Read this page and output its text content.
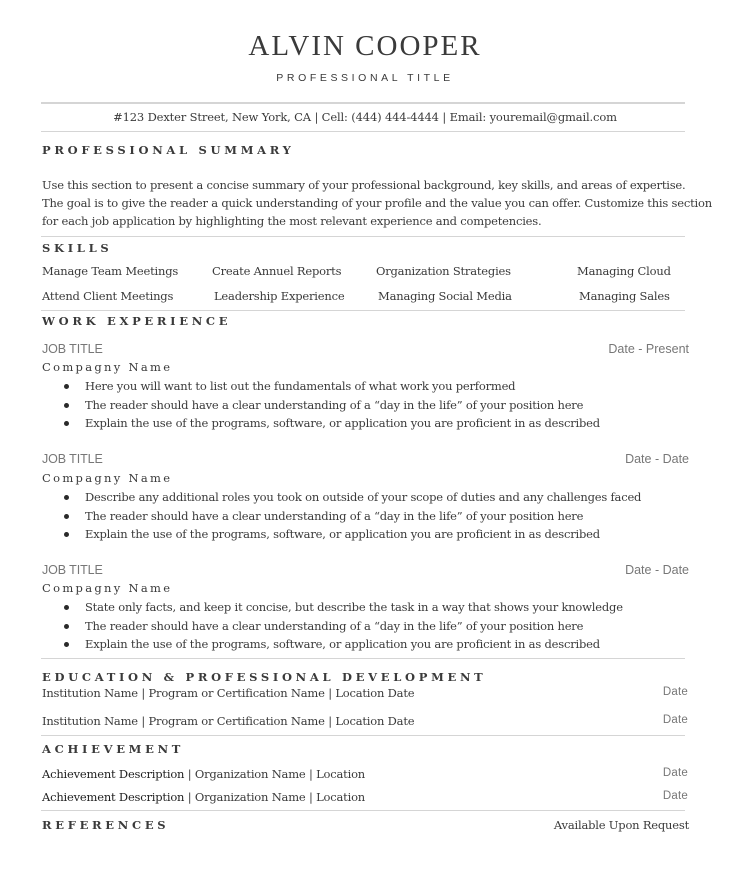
ALVIN COOPER
PROFESSIONAL TITLE
#123 Dexter Street, New York, CA | Cell: (444) 444-4444 | Email: youremail@gmail.com
PROFESSIONAL SUMMARY
Use this section to present a concise summary of your professional background, key skills, and areas of expertise.
The goal is to give the reader a quick understanding of your profile and the value you can offer. Customize this section
for each job application by highlighting the most relevant experience and competencies.
SKILLS
Manage Team Meetings	Create Annuel Reports	Organization Strategies	Managing Cloud
Attend Client Meetings	Leadership Experience	Managing Social Media	Managing Sales
WORK EXPERIENCE
JOB TITLE	Date - Present
Compagny Name
Here you will want to list out the fundamentals of what work you performed
The reader should have a clear understanding of a “day in the life” of your position here
Explain the use of the programs, software, or application you are proficient in as described
JOB TITLE	Date - Date
Compagny Name
Describe any additional roles you took on outside of your scope of duties and any challenges faced
The reader should have a clear understanding of a “day in the life” of your position here
Explain the use of the programs, software, or application you are proficient in as described
JOB TITLE	Date - Date
Compagny Name
State only facts, and keep it concise, but describe the task in a way that shows your knowledge
The reader should have a clear understanding of a “day in the life” of your position here
Explain the use of the programs, software, or application you are proficient in as described
EDUCATION & PROFESSIONAL DEVELOPMENT
Institution Name | Program or Certification Name | Location Date	Date
Institution Name | Program or Certification Name | Location Date	Date
ACHIEVEMENT
Achievement Description | Organization Name | Location	Date
Achievement Description | Organization Name | Location	Date
REFERENCES	Available Upon Request
